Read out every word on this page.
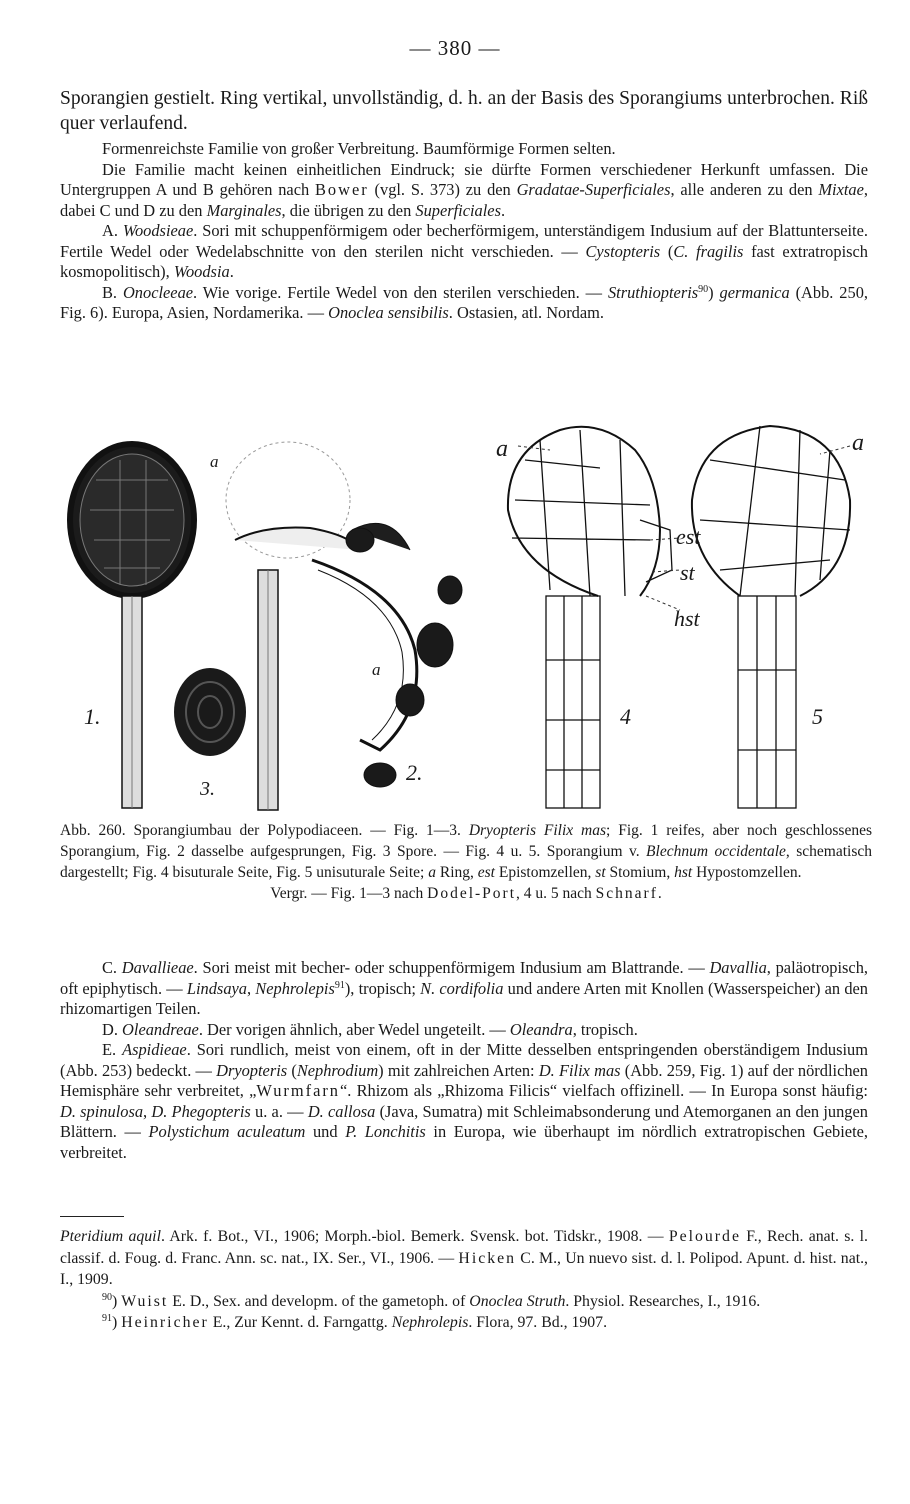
— 380 —

Sporangien gestielt. Ring vertikal, unvollständig, d. h. an der Basis des Sporangiums unterbrochen. Riß quer verlaufend.

Formenreichste Familie von großer Verbreitung. Baumförmige Formen selten.

Die Familie macht keinen einheitlichen Eindruck; sie dürfte Formen verschiedener Herkunft umfassen. Die Untergruppen A und B gehören nach Bower (vgl. S. 373) zu den Gradatae-Superficiales, alle anderen zu den Mixtae, dabei C und D zu den Marginales, die übrigen zu den Superficiales.

A. Woodsieae. Sori mit schuppenförmigem oder becherförmigem, unterständigem Indusium auf der Blattunterseite. Fertile Wedel oder Wedelabschnitte von den sterilen nicht verschieden. — Cystopteris (C. fragilis fast extratropisch kosmopolitisch), Woodsia.

B. Onocleeae. Wie vorige. Fertile Wedel von den sterilen verschieden. — Struthiopteris$^{90}$) germanica (Abb. 250, Fig. 6). Europa, Asien, Nordamerika. — Onoclea sensibilis. Ostasien, atl. Nordam.

a
1.
a
2.
3.
a	a
est
st
hst
4	5

Abb. 260. Sporangiumbau der Polypodiaceen. — Fig. 1—3. Dryopteris Filix mas; Fig. 1 reifes, aber noch geschlossenes Sporangium, Fig. 2 dasselbe aufgesprungen, Fig. 3 Spore. — Fig. 4 u. 5. Sporangium v. Blechnum occidentale, schematisch dargestellt; Fig. 4 bisuturale Seite, Fig. 5 unisuturale Seite; a Ring, est Epistomzellen, st Stomium, hst Hypostomzellen.

Vergr. — Fig. 1—3 nach Dodel-Port, 4 u. 5 nach Schnarf.

C. Davallieae. Sori meist mit becher- oder schuppenförmigem Indusium am Blattrande. — Davallia, paläotropisch, oft epiphytisch. — Lindsaya, Nephrolepis$^{91}$), tropisch; N. cordifolia und andere Arten mit Knollen (Wasserspeicher) an den rhizomartigen Teilen.

D. Oleandreae. Der vorigen ähnlich, aber Wedel ungeteilt. — Oleandra, tropisch.

E. Aspidieae. Sori rundlich, meist von einem, oft in der Mitte desselben entspringenden oberständigem Indusium (Abb. 253) bedeckt. — Dryopteris (Nephrodium) mit zahlreichen Arten: D. Filix mas (Abb. 259, Fig. 1) auf der nördlichen Hemisphäre sehr verbreitet, „Wurmfarn“. Rhizom als „Rhizoma Filicis“ vielfach offizinell. — In Europa sonst häufig: D. spinulosa, D. Phegopteris u. a. — D. callosa (Java, Sumatra) mit Schleimabsonderung und Atemorganen an den jungen Blättern. — Polystichum aculeatum und P. Lonchitis in Europa, wie überhaupt im nördlich extratropischen Gebiete, verbreitet.

Pteridium aquil. Ark. f. Bot., VI., 1906; Morph.-biol. Bemerk. Svensk. bot. Tidskr., 1908. — Pelourde F., Rech. anat. s. l. classif. d. Foug. d. Franc. Ann. sc. nat., IX. Ser., VI., 1906. — Hicken C. M., Un nuevo sist. d. l. Polipod. Apunt. d. hist. nat., I., 1909.

$^{90}$) Wuist E. D., Sex. and developm. of the gametoph. of Onoclea Struth. Physiol. Researches, I., 1916.

$^{91}$) Heinricher E., Zur Kennt. d. Farngattg. Nephrolepis. Flora, 97. Bd., 1907.
